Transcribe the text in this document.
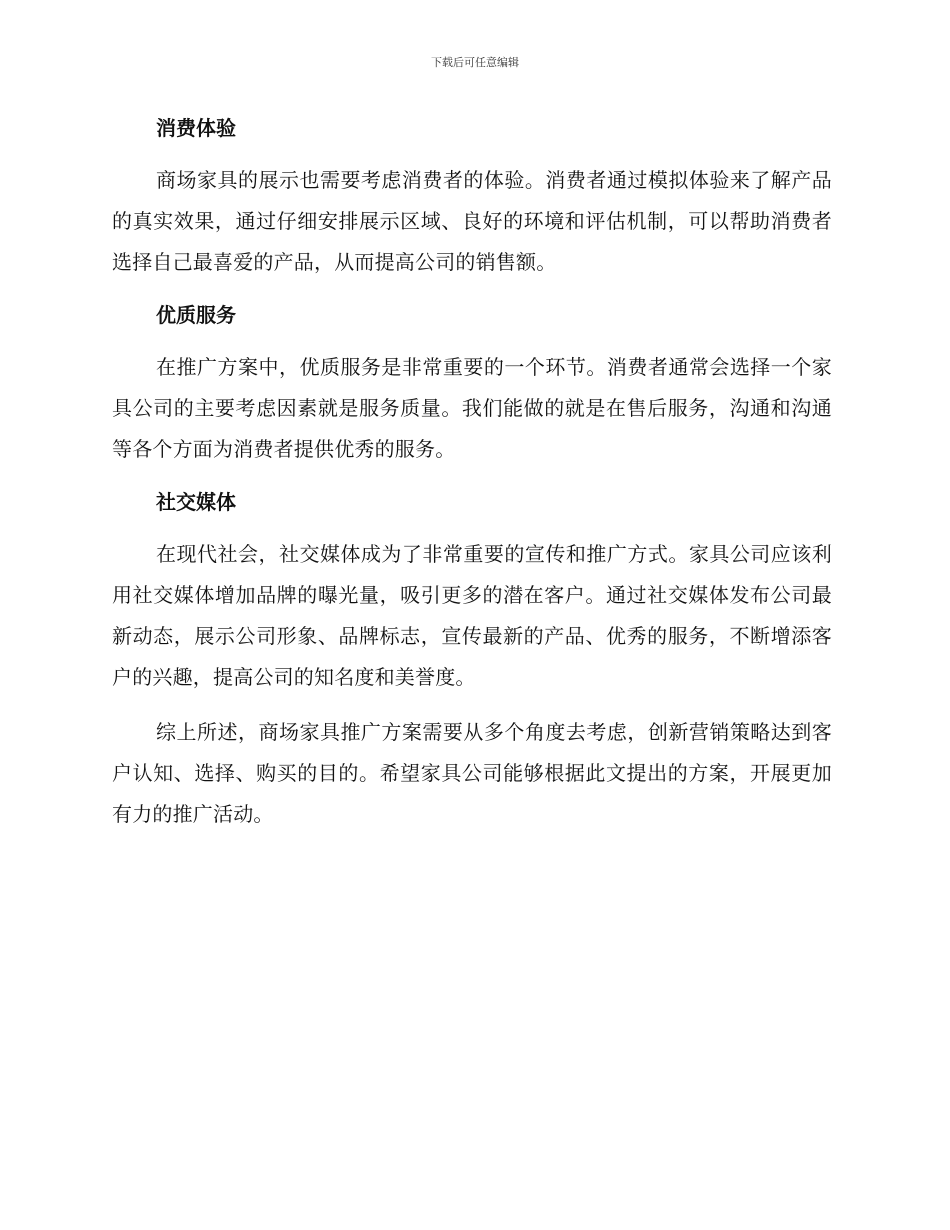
下载后可任意编辑
消费体验

商场家具的展示也需要考虑消费者的体验。消费者通过模拟体验来了解产品的真实效果，通过仔细安排展示区域、良好的环境和评估机制，可以帮助消费者选择自己最喜爱的产品，从而提高公司的销售额。

优质服务

在推广方案中，优质服务是非常重要的一个环节。消费者通常会选择一个家具公司的主要考虑因素就是服务质量。我们能做的就是在售后服务，沟通和沟通等各个方面为消费者提供优秀的服务。

社交媒体

在现代社会，社交媒体成为了非常重要的宣传和推广方式。家具公司应该利用社交媒体增加品牌的曝光量，吸引更多的潜在客户。通过社交媒体发布公司最新动态，展示公司形象、品牌标志，宣传最新的产品、优秀的服务，不断增添客户的兴趣，提高公司的知名度和美誉度。

综上所述，商场家具推广方案需要从多个角度去考虑，创新营销策略达到客户认知、选择、购买的目的。希望家具公司能够根据此文提出的方案，开展更加有力的推广活动。
